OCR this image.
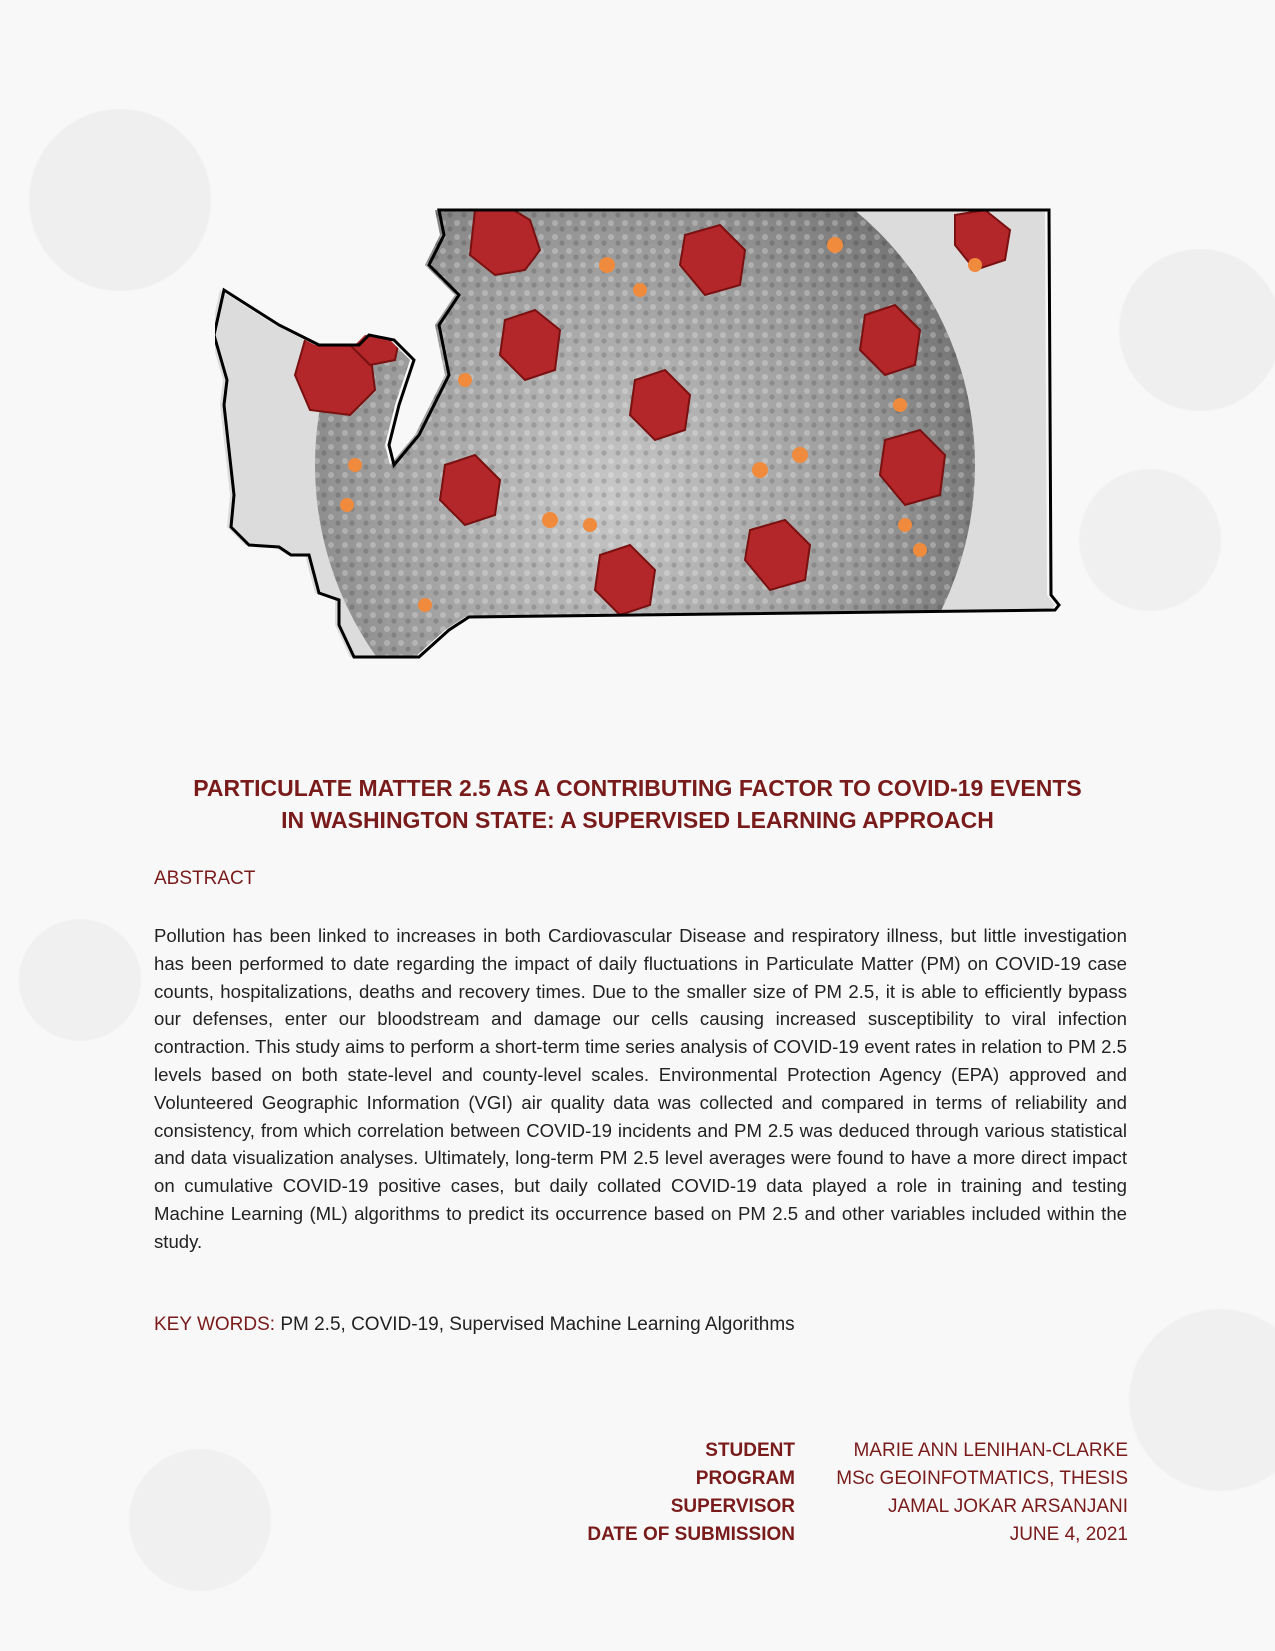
PARTICULATE MATTER 2.5 AS A CONTRIBUTING FACTOR TO COVID-19 EVENTS
IN WASHINGTON STATE: A SUPERVISED LEARNING APPROACH
ABSTRACT
Pollution has been linked to increases in both Cardiovascular Disease and respiratory illness, but little investigation has been performed to date regarding the impact of daily fluctuations in Particulate Matter (PM) on COVID-19 case counts, hospitalizations, deaths and recovery times. Due to the smaller size of PM 2.5, it is able to efficiently bypass our defenses, enter our bloodstream and damage our cells causing increased susceptibility to viral infection contraction. This study aims to perform a short-term time series analysis of COVID-19 event rates in relation to PM 2.5 levels based on both state-level and county-level scales. Environmental Protection Agency (EPA) approved and Volunteered Geographic Information (VGI) air quality data was collected and compared in terms of reliability and consistency, from which correlation between COVID-19 incidents and PM 2.5 was deduced through various statistical and data visualization analyses. Ultimately, long-term PM 2.5 level averages were found to have a more direct impact on cumulative COVID-19 positive cases, but daily collated COVID-19 data played a role in training and testing Machine Learning (ML) algorithms to predict its occurrence based on PM 2.5 and other variables included within the study.
KEY WORDS: PM 2.5, COVID-19, Supervised Machine Learning Algorithms
STUDENT	MARIE ANN LENIHAN-CLARKE
PROGRAM	MSc GEOINFOTMATICS, THESIS
SUPERVISOR	JAMAL JOKAR ARSANJANI
DATE OF SUBMISSION	JUNE 4, 2021
